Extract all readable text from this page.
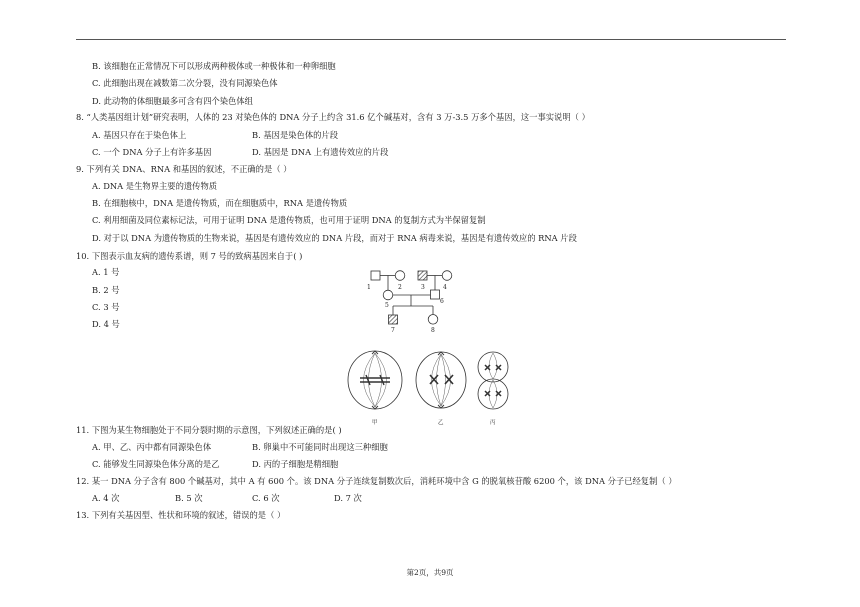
B. 该细胞在正常情况下可以形成两种极体或一种极体和一种卵细胞
C. 此细胞出现在减数第二次分裂，没有同源染色体
D. 此动物的体细胞最多可含有四个染色体组
8. “人类基因组计划”研究表明，人体的 23 对染色体的 DNA 分子上约含 31.6 亿个碱基对，含有 3 万-3.5 万多个基因，这一事实说明（ ）
A. 基因只存在于染色体上	B. 基因是染色体的片段
C. 一个 DNA 分子上有许多基因	D. 基因是 DNA 上有遗传效应的片段
9. 下列有关 DNA、RNA 和基因的叙述，不正确的是（ ）
A. DNA 是生物界主要的遗传物质
B. 在细胞核中，DNA 是遗传物质，而在细胞质中，RNA 是遗传物质
C. 利用细菌及同位素标记法，可用于证明 DNA 是遗传物质，也可用于证明 DNA 的复制方式为半保留复制
D. 对于以 DNA 为遗传物质的生物来说，基因是有遗传效应的 DNA 片段，而对于 RNA 病毒来说，基因是有遗传效应的 RNA 片段
10. 下图表示血友病的遗传系谱，则 7 号的致病基因来自于( )
A. 1 号
B. 2 号
C. 3 号
D. 4 号
1	2	3	4
5
6
7	8
甲	乙	丙
11. 下图为某生物细胞处于不同分裂时期的示意图，下列叙述正确的是( )
A. 甲、乙、丙中都有同源染色体	B. 卵巢中不可能同时出现这三种细胞
C. 能够发生同源染色体分离的是乙	D. 丙的子细胞是精细胞
12. 某一 DNA 分子含有 800 个碱基对，其中 A 有 600 个。该 DNA 分子连续复制数次后，消耗环境中含 G 的脱氧核苷酸 6200 个，该 DNA 分子已经复制（ ）
A. 4 次	B. 5 次	C. 6 次	D. 7 次
13. 下列有关基因型、性状和环境的叙述，错误的是（ ）
第2页，共9页
